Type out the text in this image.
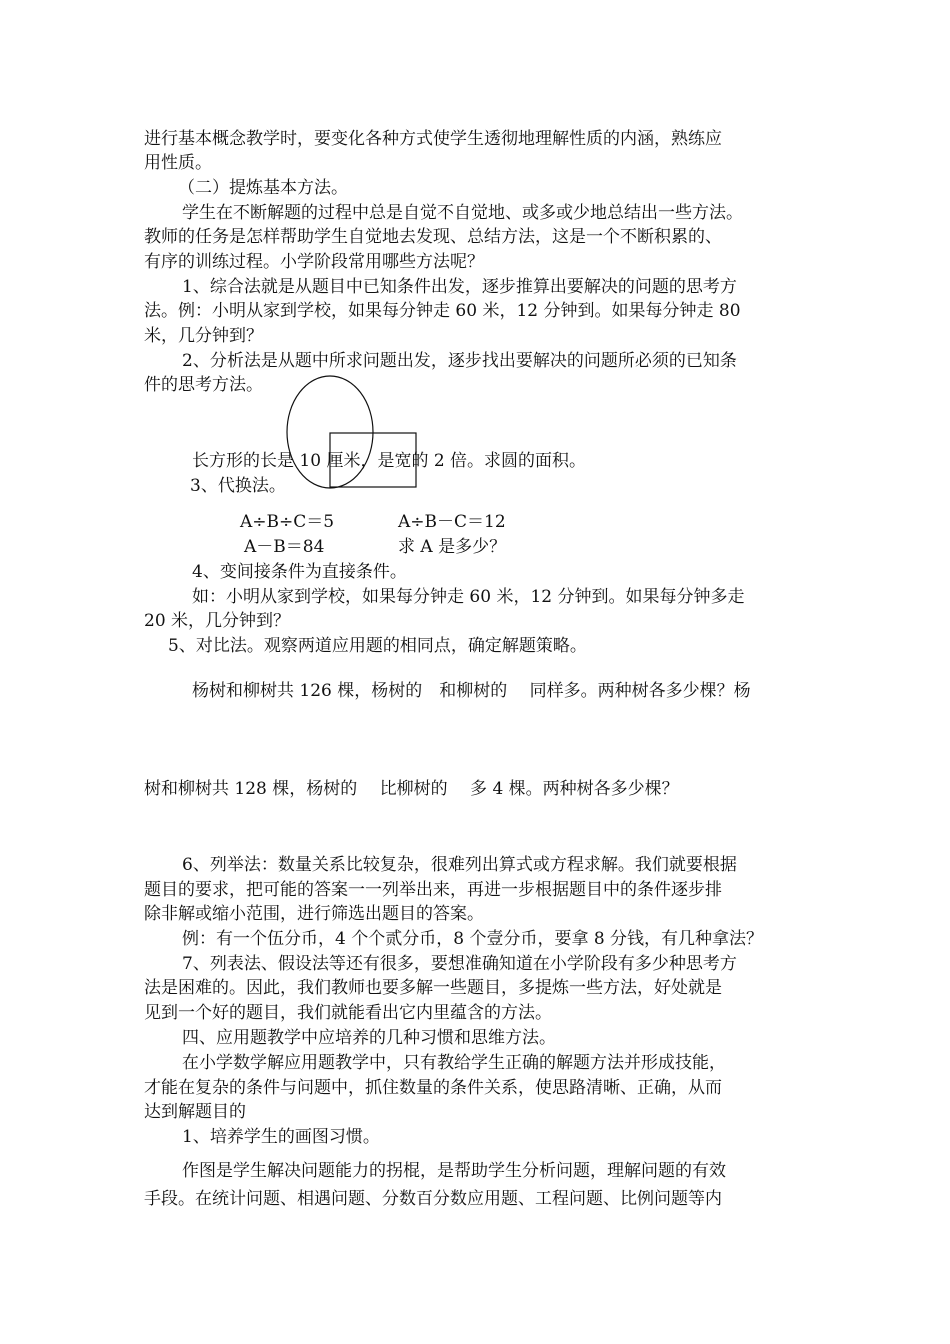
进行基本概念教学时，要变化各种方式使学生透彻地理解性质的内涵，熟练应
用性质。
（二）提炼基本方法。
学生在不断解题的过程中总是自觉不自觉地、或多或少地总结出一些方法。
教师的任务是怎样帮助学生自觉地去发现、总结方法，这是一个不断积累的、
有序的训练过程。小学阶段常用哪些方法呢？
1、综合法就是从题目中已知条件出发，逐步推算出要解决的问题的思考方
法。例：小明从家到学校，如果每分钟走 60 米，12 分钟到。如果每分钟走 80
米，几分钟到？
2、分析法是从题中所求问题出发，逐步找出要解决的问题所必须的已知条
件的思考方法。
长方形的长是 10 厘米，是宽的 2 倍。求圆的面积。
3、代换法。
A÷B÷C＝5	A÷B－C＝12
A－B＝84	求 A 是多少？
4、变间接条件为直接条件。
如：小明从家到学校，如果每分钟走 60 米，12 分钟到。如果每分钟多走
20 米，几分钟到？
5、对比法。观察两道应用题的相同点，确定解题策略。
杨树和柳树共 126 棵，杨树的　和柳树的　 同样多。两种树各多少棵？杨
树和柳树共 128 棵，杨树的　 比柳树的　 多 4 棵。两种树各多少棵？
6、列举法：数量关系比较复杂，很难列出算式或方程求解。我们就要根据
题目的要求，把可能的答案一一列举出来，再进一步根据题目中的条件逐步排
除非解或缩小范围，进行筛选出题目的答案。
例：有一个伍分币，4 个个贰分币，8 个壹分币，要拿 8 分钱，有几种拿法？
7、列表法、假设法等还有很多，要想准确知道在小学阶段有多少种思考方
法是困难的。因此，我们教师也要多解一些题目，多提炼一些方法，好处就是
见到一个好的题目，我们就能看出它内里蕴含的方法。
四、应用题教学中应培养的几种习惯和思维方法。
在小学数学解应用题教学中，只有教给学生正确的解题方法并形成技能，
才能在复杂的条件与问题中，抓住数量的条件关系，使思路清晰、正确，从而
达到解题目的
1、培养学生的画图习惯。
作图是学生解决问题能力的拐棍，是帮助学生分析问题，理解问题的有效
手段。在统计问题、相遇问题、分数百分数应用题、工程问题、比例问题等内
